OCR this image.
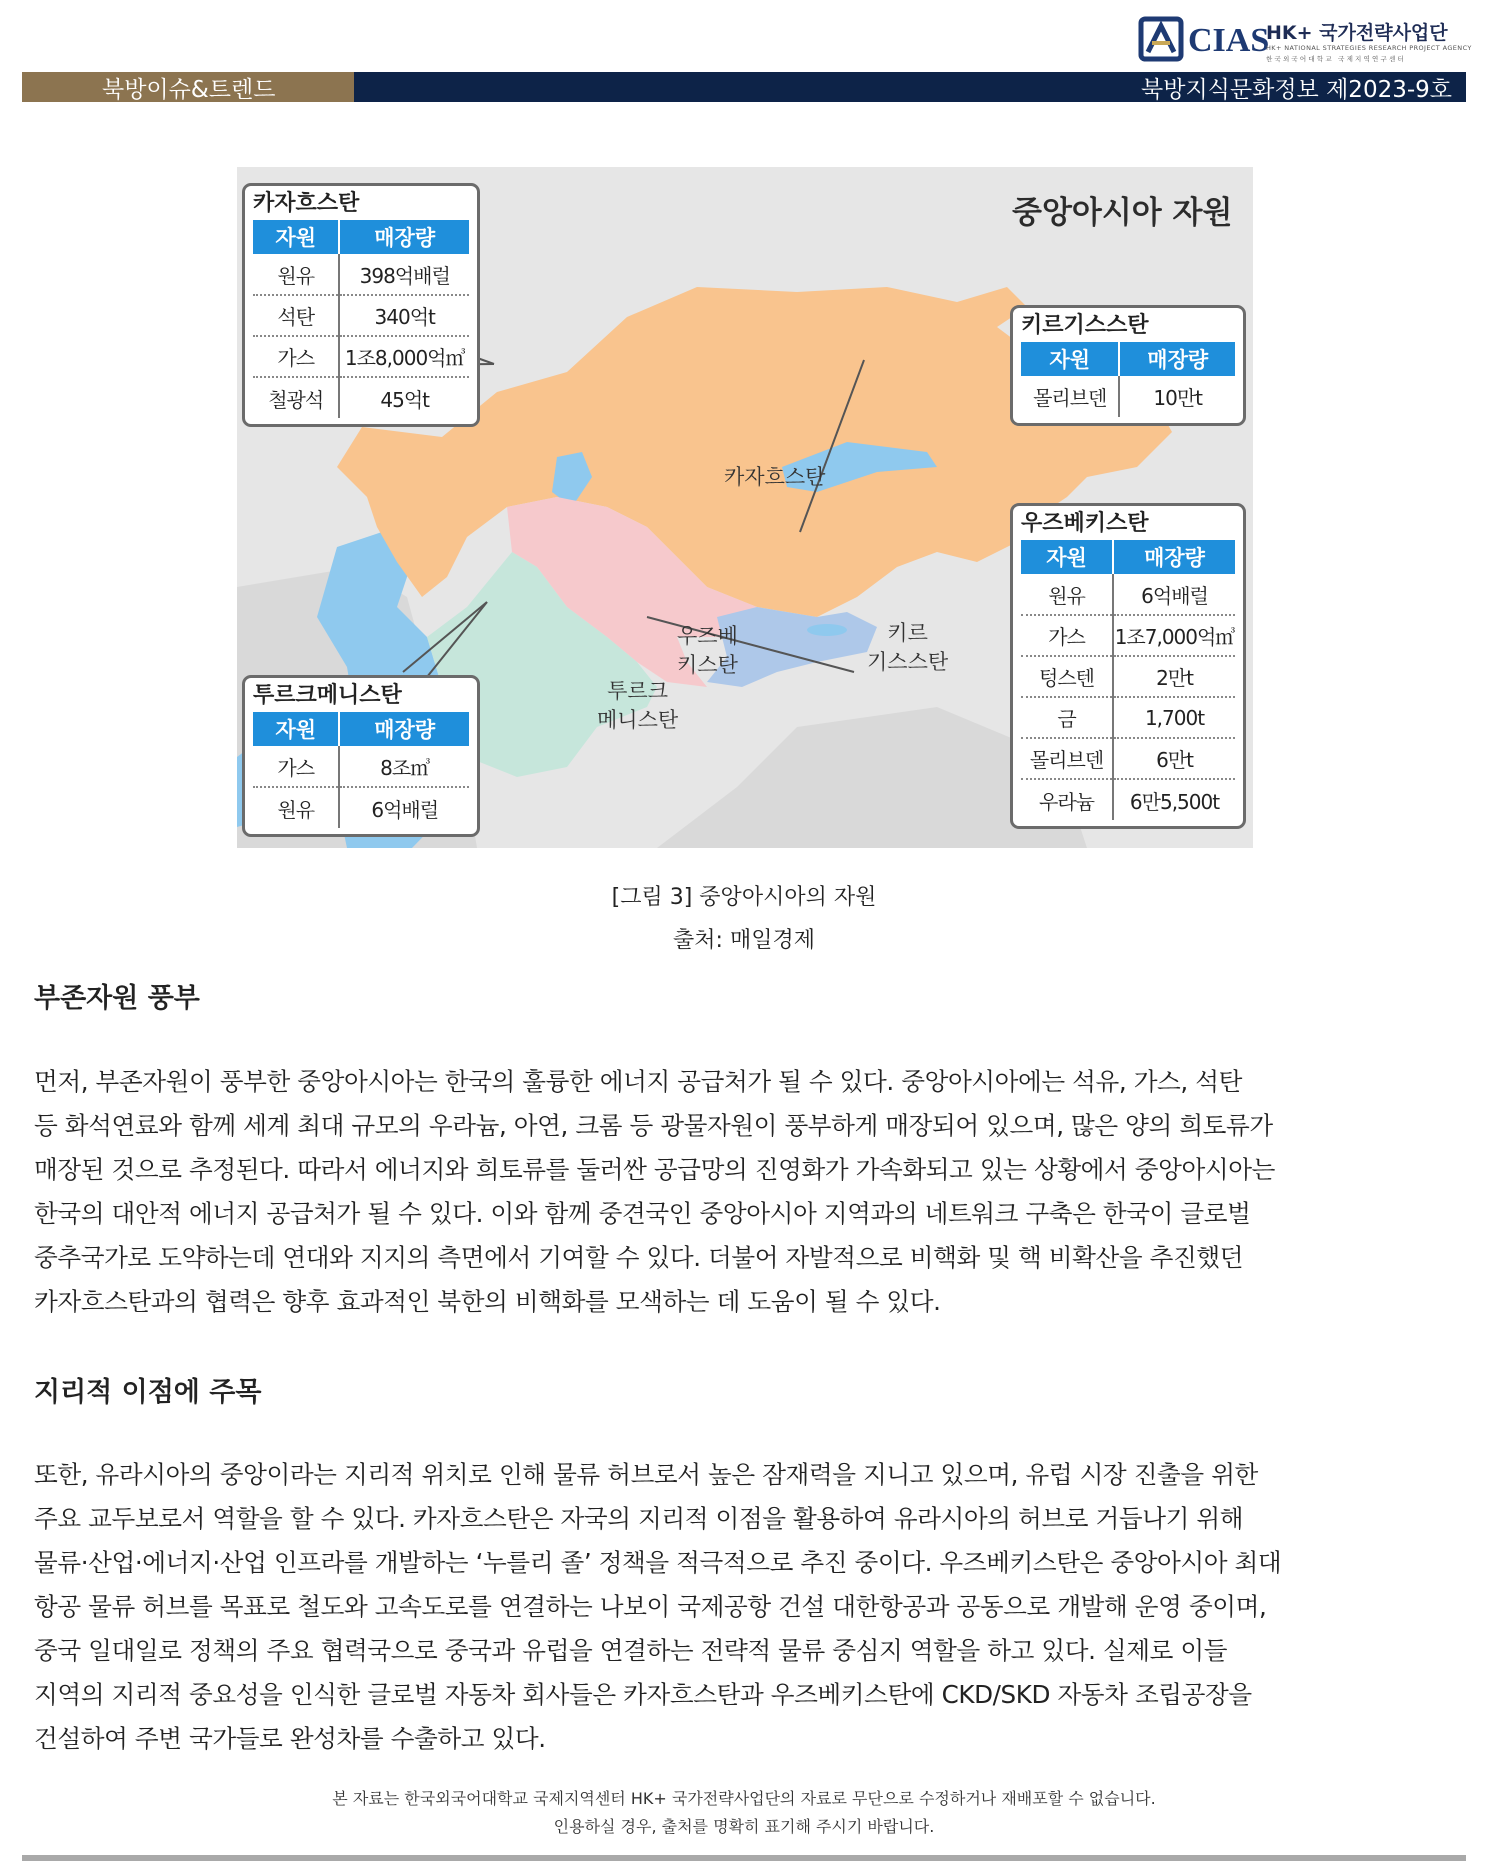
CIAS
HK+ 국가전략사업단
HK+ NATIONAL STRATEGIES RESEARCH PROJECT AGENCY
한국외국어대학교 국제지역연구센터
북방이슈&트렌드	북방지식문화정보 제2023-9호
중앙아시아 자원
카자흐스탄
우즈베
키스탄
투르크
메니스탄
키르
기스스탄
카자흐스탄
자원	매장량
원유	398억배럴
석탄	340억t
가스	1조8,000억㎥
철광석	45억t
키르기스스탄
자원	매장량
몰리브덴	10만t
우즈베키스탄
자원	매장량
원유	6억배럴
가스	1조7,000억㎥
텅스텐	2만t
금	1,700t
몰리브덴	6만t
우라늄	6만5,500t
투르크메니스탄
자원	매장량
가스	8조㎥
원유	6억배럴
[그림 3] 중앙아시아의 자원
출처: 매일경제
부존자원 풍부
먼저, 부존자원이 풍부한 중앙아시아는 한국의 훌륭한 에너지 공급처가 될 수 있다. 중앙아시아에는 석유, 가스, 석탄
등 화석연료와 함께 세계 최대 규모의 우라늄, 아연, 크롬 등 광물자원이 풍부하게 매장되어 있으며, 많은 양의 희토류가
매장된 것으로 추정된다. 따라서 에너지와 희토류를 둘러싼 공급망의 진영화가 가속화되고 있는 상황에서 중앙아시아는
한국의 대안적 에너지 공급처가 될 수 있다. 이와 함께 중견국인 중앙아시아 지역과의 네트워크 구축은 한국이 글로벌
중추국가로 도약하는데 연대와 지지의 측면에서 기여할 수 있다. 더불어 자발적으로 비핵화 및 핵 비확산을 추진했던
카자흐스탄과의 협력은 향후 효과적인 북한의 비핵화를 모색하는 데 도움이 될 수 있다.
지리적 이점에 주목
또한, 유라시아의 중앙이라는 지리적 위치로 인해 물류 허브로서 높은 잠재력을 지니고 있으며, 유럽 시장 진출을 위한
주요 교두보로서 역할을 할 수 있다. 카자흐스탄은 자국의 지리적 이점을 활용하여 유라시아의 허브로 거듭나기 위해
물류·산업·에너지·산업 인프라를 개발하는 ‘누를리 졸’ 정책을 적극적으로 추진 중이다. 우즈베키스탄은 중앙아시아 최대
항공 물류 허브를 목표로 철도와 고속도로를 연결하는 나보이 국제공항 건설 대한항공과 공동으로 개발해 운영 중이며,
중국 일대일로 정책의 주요 협력국으로 중국과 유럽을 연결하는 전략적 물류 중심지 역할을 하고 있다. 실제로 이들
지역의 지리적 중요성을 인식한 글로벌 자동차 회사들은 카자흐스탄과 우즈베키스탄에 CKD/SKD 자동차 조립공장을
건설하여 주변 국가들로 완성차를 수출하고 있다.
본 자료는 한국외국어대학교 국제지역센터 HK+ 국가전략사업단의 자료로 무단으로 수정하거나 재배포할 수 없습니다.
인용하실 경우, 출처를 명확히 표기해 주시기 바랍니다.
